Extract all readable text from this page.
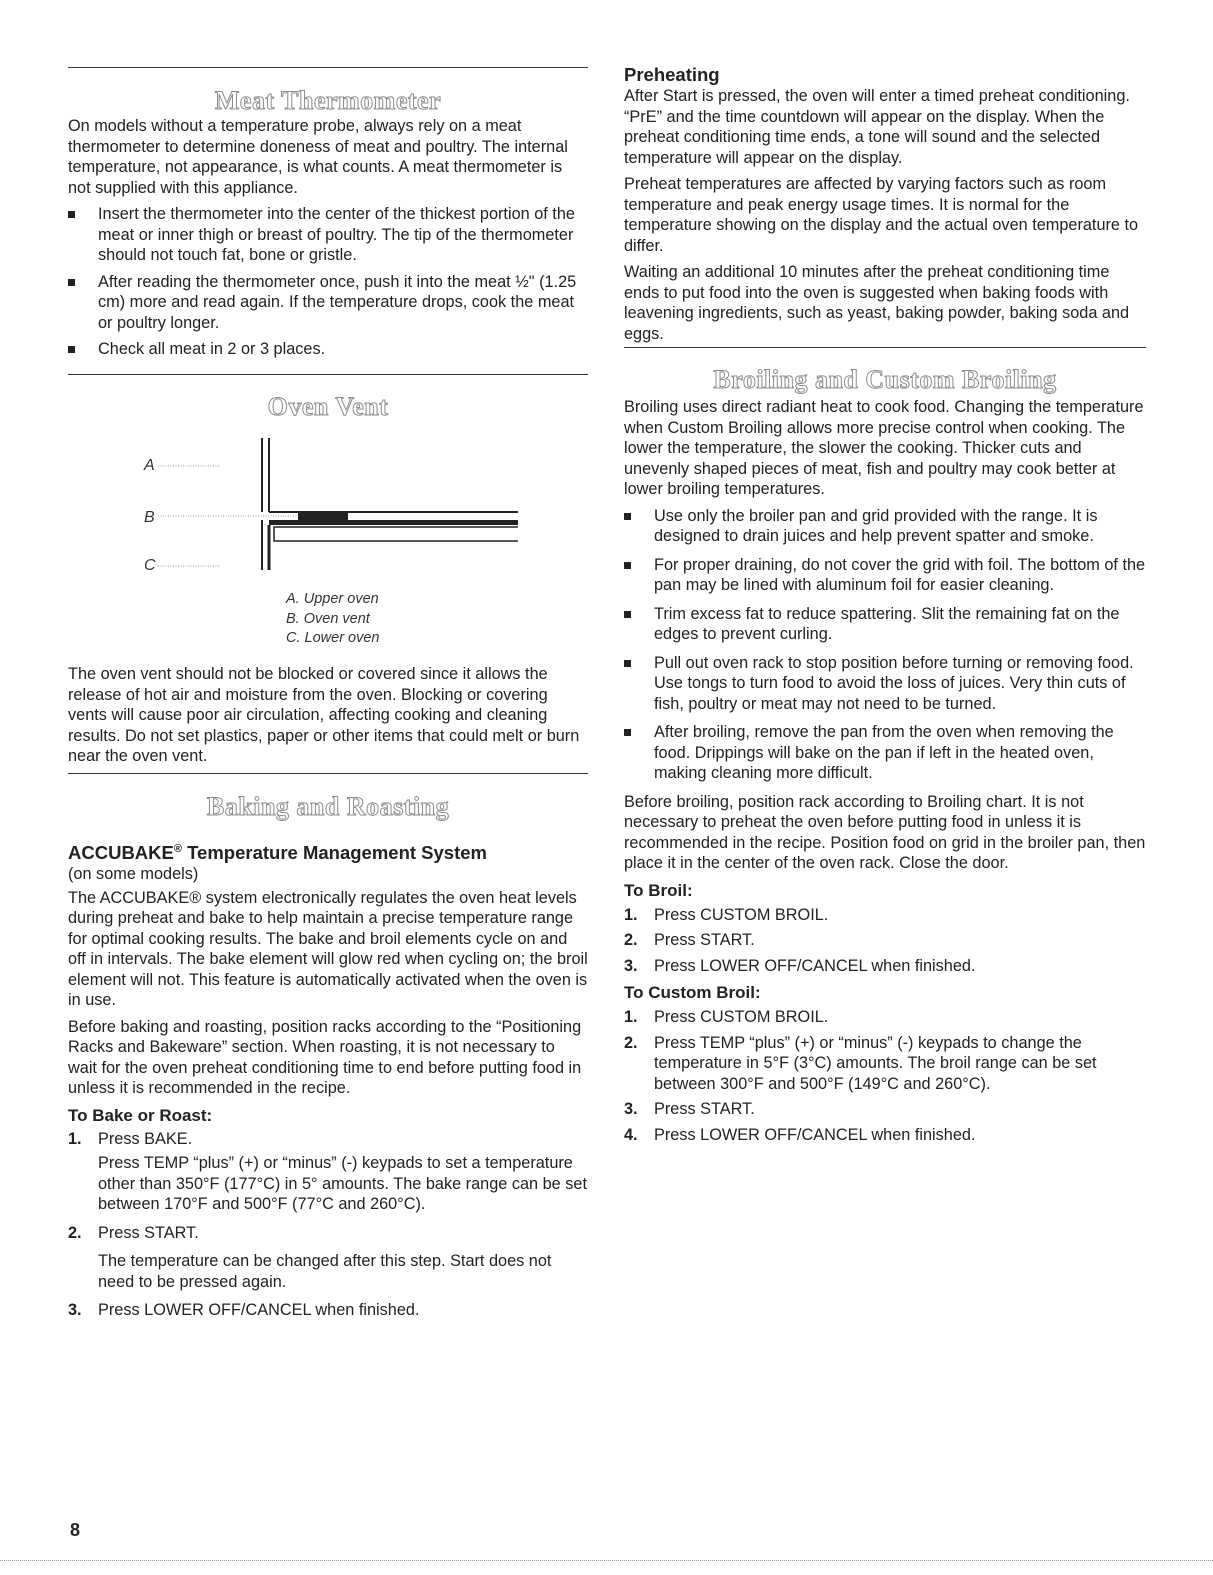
Meat Thermometer

On models without a temperature probe, always rely on a meat thermometer to determine doneness of meat and poultry. The internal temperature, not appearance, is what counts. A meat thermometer is not supplied with this appliance.

Insert the thermometer into the center of the thickest portion of the meat or inner thigh or breast of poultry. The tip of the thermometer should not touch fat, bone or gristle.
After reading the thermometer once, push it into the meat ½" (1.25 cm) more and read again. If the temperature drops, cook the meat or poultry longer.
Check all meat in 2 or 3 places.
Oven Vent
A
B
C
A. Upper oven
B. Oven vent
C. Lower oven

The oven vent should not be blocked or covered since it allows the release of hot air and moisture from the oven. Blocking or covering vents will cause poor air circulation, affecting cooking and cleaning results. Do not set plastics, paper or other items that could melt or burn near the oven vent.

Baking and Roasting
ACCUBAKE® Temperature Management System

(on some models)

The ACCUBAKE® system electronically regulates the oven heat levels during preheat and bake to help maintain a precise temperature range for optimal cooking results. The bake and broil elements cycle on and off in intervals. The bake element will glow red when cycling on; the broil element will not. This feature is automatically activated when the oven is in use.

Before baking and roasting, position racks according to the “Positioning Racks and Bakeware” section. When roasting, it is not necessary to wait for the oven preheat conditioning time to end before putting food in unless it is recommended in the recipe.

To Bake or Roast:
1. Press BAKE.
Press TEMP “plus” (+) or “minus” (-) keypads to set a temperature other than 350°F (177°C) in 5° amounts. The bake range can be set between 170°F and 500°F (77°C and 260°C).
2. Press START.
The temperature can be changed after this step. Start does not need to be pressed again.
3. Press LOWER OFF/CANCEL when finished.
Preheating

After Start is pressed, the oven will enter a timed preheat conditioning. “PrE” and the time countdown will appear on the display. When the preheat conditioning time ends, a tone will sound and the selected temperature will appear on the display.

Preheat temperatures are affected by varying factors such as room temperature and peak energy usage times. It is normal for the temperature showing on the display and the actual oven temperature to differ.

Waiting an additional 10 minutes after the preheat conditioning time ends to put food into the oven is suggested when baking foods with leavening ingredients, such as yeast, baking powder, baking soda and eggs.

Broiling and Custom Broiling

Broiling uses direct radiant heat to cook food. Changing the temperature when Custom Broiling allows more precise control when cooking. The lower the temperature, the slower the cooking. Thicker cuts and unevenly shaped pieces of meat, fish and poultry may cook better at lower broiling temperatures.

Use only the broiler pan and grid provided with the range. It is designed to drain juices and help prevent spatter and smoke.
For proper draining, do not cover the grid with foil. The bottom of the pan may be lined with aluminum foil for easier cleaning.
Trim excess fat to reduce spattering. Slit the remaining fat on the edges to prevent curling.
Pull out oven rack to stop position before turning or removing food. Use tongs to turn food to avoid the loss of juices. Very thin cuts of fish, poultry or meat may not need to be turned.
After broiling, remove the pan from the oven when removing the food. Drippings will bake on the pan if left in the heated oven, making cleaning more difficult.

Before broiling, position rack according to Broiling chart. It is not necessary to preheat the oven before putting food in unless it is recommended in the recipe. Position food on grid in the broiler pan, then place it in the center of the oven rack. Close the door.

To Broil:
1. Press CUSTOM BROIL.
2. Press START.
3. Press LOWER OFF/CANCEL when finished.
To Custom Broil:
1. Press CUSTOM BROIL.
2. Press TEMP “plus” (+) or “minus” (-) keypads to change the temperature in 5°F (3°C) amounts. The broil range can be set between 300°F and 500°F (149°C and 260°C).
3. Press START.
4. Press LOWER OFF/CANCEL when finished.
8
